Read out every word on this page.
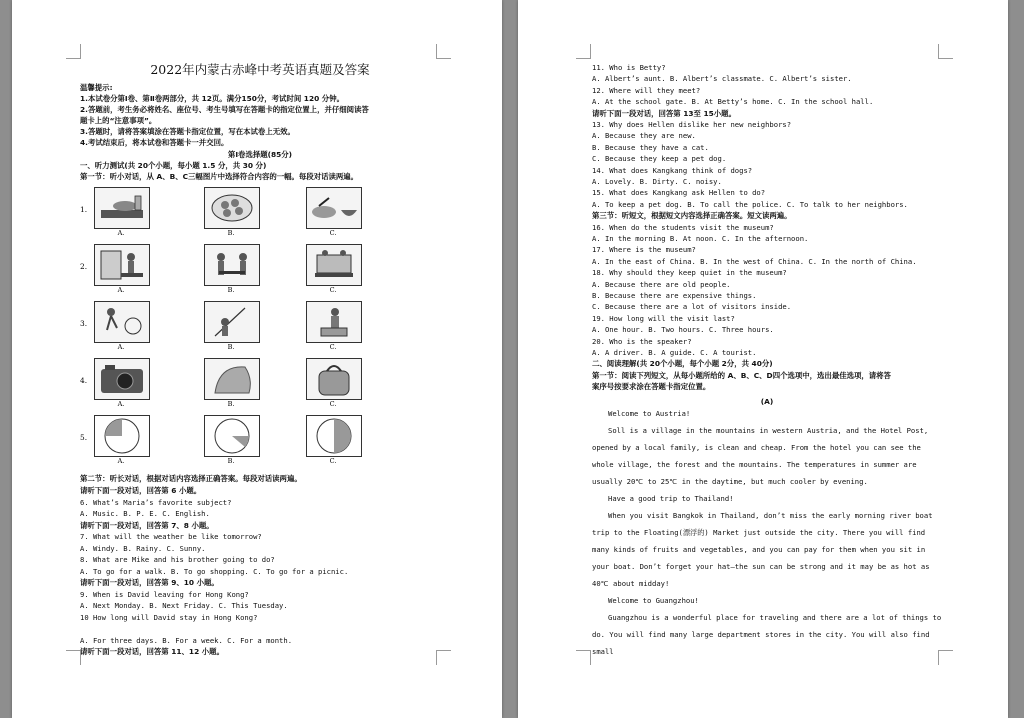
2022年内蒙古赤峰中考英语真题及答案
温馨提示:
1.本试卷分第Ⅰ卷、第Ⅱ卷两部分，共 12页。满分150分，考试时间 120 分钟。
2.答题前，考生务必将姓名、座位号、考生号填写在答题卡的指定位置上，并仔细阅读答
题卡上的“注意事项”。
3.答题时，请将答案填涂在答题卡指定位置，写在本试卷上无效。
4.考试结束后，将本试卷和答题卡一并交回。
第Ⅰ卷选择题(85分)
一、听力测试(共 20个小题，每小题 1.5 分，共 30 分)
第一节：听小对话，从 A、B、C三幅图片中选择符合内容的一幅。每段对话读两遍。
1.
A.	B.	C.
2.
A.	B.	C.
3.
A.	B.	C.
4.
A.	B.	C.
5.
A.	B.	C.
第二节：听长对话，根据对话内容选择正确答案。每段对话读两遍。
请听下面一段对话，回答第 6 小题。
6. What’s Maria’s favorite subject?
A. Music. B. P. E. C. English.
请听下面一段对话，回答第 7、8 小题。
7. What will the weather be like tomorrow?
A. Windy. B. Rainy. C. Sunny.
8. What are Mike and his brother going to do?
A. To go for a walk. B. To go shopping. C. To go for a picnic.
请听下面一段对话，回答第 9、10 小题。
9. When is David leaving for Hong Kong?
A. Next Monday. B. Next Friday. C. This Tuesday.
10 How long will David stay in Hong Kong?
A. For three days. B. For a week. C. For a month.
请听下面一段对话，回答第 11、12 小题。
11. Who is Betty?
A. Albert’s aunt. B. Albert’s classmate. C. Albert’s sister.
12. Where will they meet?
A. At the school gate. B. At Betty’s home. C. In the school hall.
请听下面一段对话，回答第 13至 15小题。
13. Why does Hellen dislike her new neighbors?
A. Because they are new.
B. Because they have a cat.
C. Because they keep a pet dog.
14. What does Kangkang think of dogs?
A. Lovely. B. Dirty. C. noisy.
15. What does Kangkang ask Hellen to do?
A. To keep a pet dog. B. To call the police. C. To talk to her neighbors.
第三节：听短文，根据短文内容选择正确答案。短文读两遍。
16. When do the students visit the museum?
A. In the morning B. At noon. C. In the afternoon.
17. Where is the museum?
A. In the east of China. B. In the west of China. C. In the north of China.
18. Why should they keep quiet in the museum?
A. Because there are old people.
B. Because there are expensive things.
C. Because there are a lot of visitors inside.
19. How long will the visit last?
A. One hour. B. Two hours. C. Three hours.
20. Who is the speaker?
A. A driver. B. A guide. C. A tourist.
二、阅读理解(共 20个小题，每个小题 2分，共 40分)
第一节：阅读下列短文，从每小题所给的 A、B、C、D四个选项中，选出最佳选项，请将答
案序号按要求涂在答题卡指定位置。
(A)
Welcome to Austria!
Soll is a village in the mountains in western Austria, and the Hotel Post, opened by a local family, is clean and cheap. From the hotel you can see the whole village, the forest and the mountains. The temperatures in summer are usually 20℃ to 25℃ in the daytime, but much cooler by evening.
Have a good trip to Thailand!
When you visit Bangkok in Thailand, don’t miss the early morning river boat trip to the Floating(漂浮的) Market just outside the city. There you will find many kinds of fruits and vegetables, and you can pay for them when you sit in your boat. Don’t forget your hat—the sun can be strong and it may be as hot as 40℃ about midday!
Welcome to Guangzhou!
Guangzhou is a wonderful place for traveling and there are a lot of things to do. You will find many large department stores in the city. You will also find small
